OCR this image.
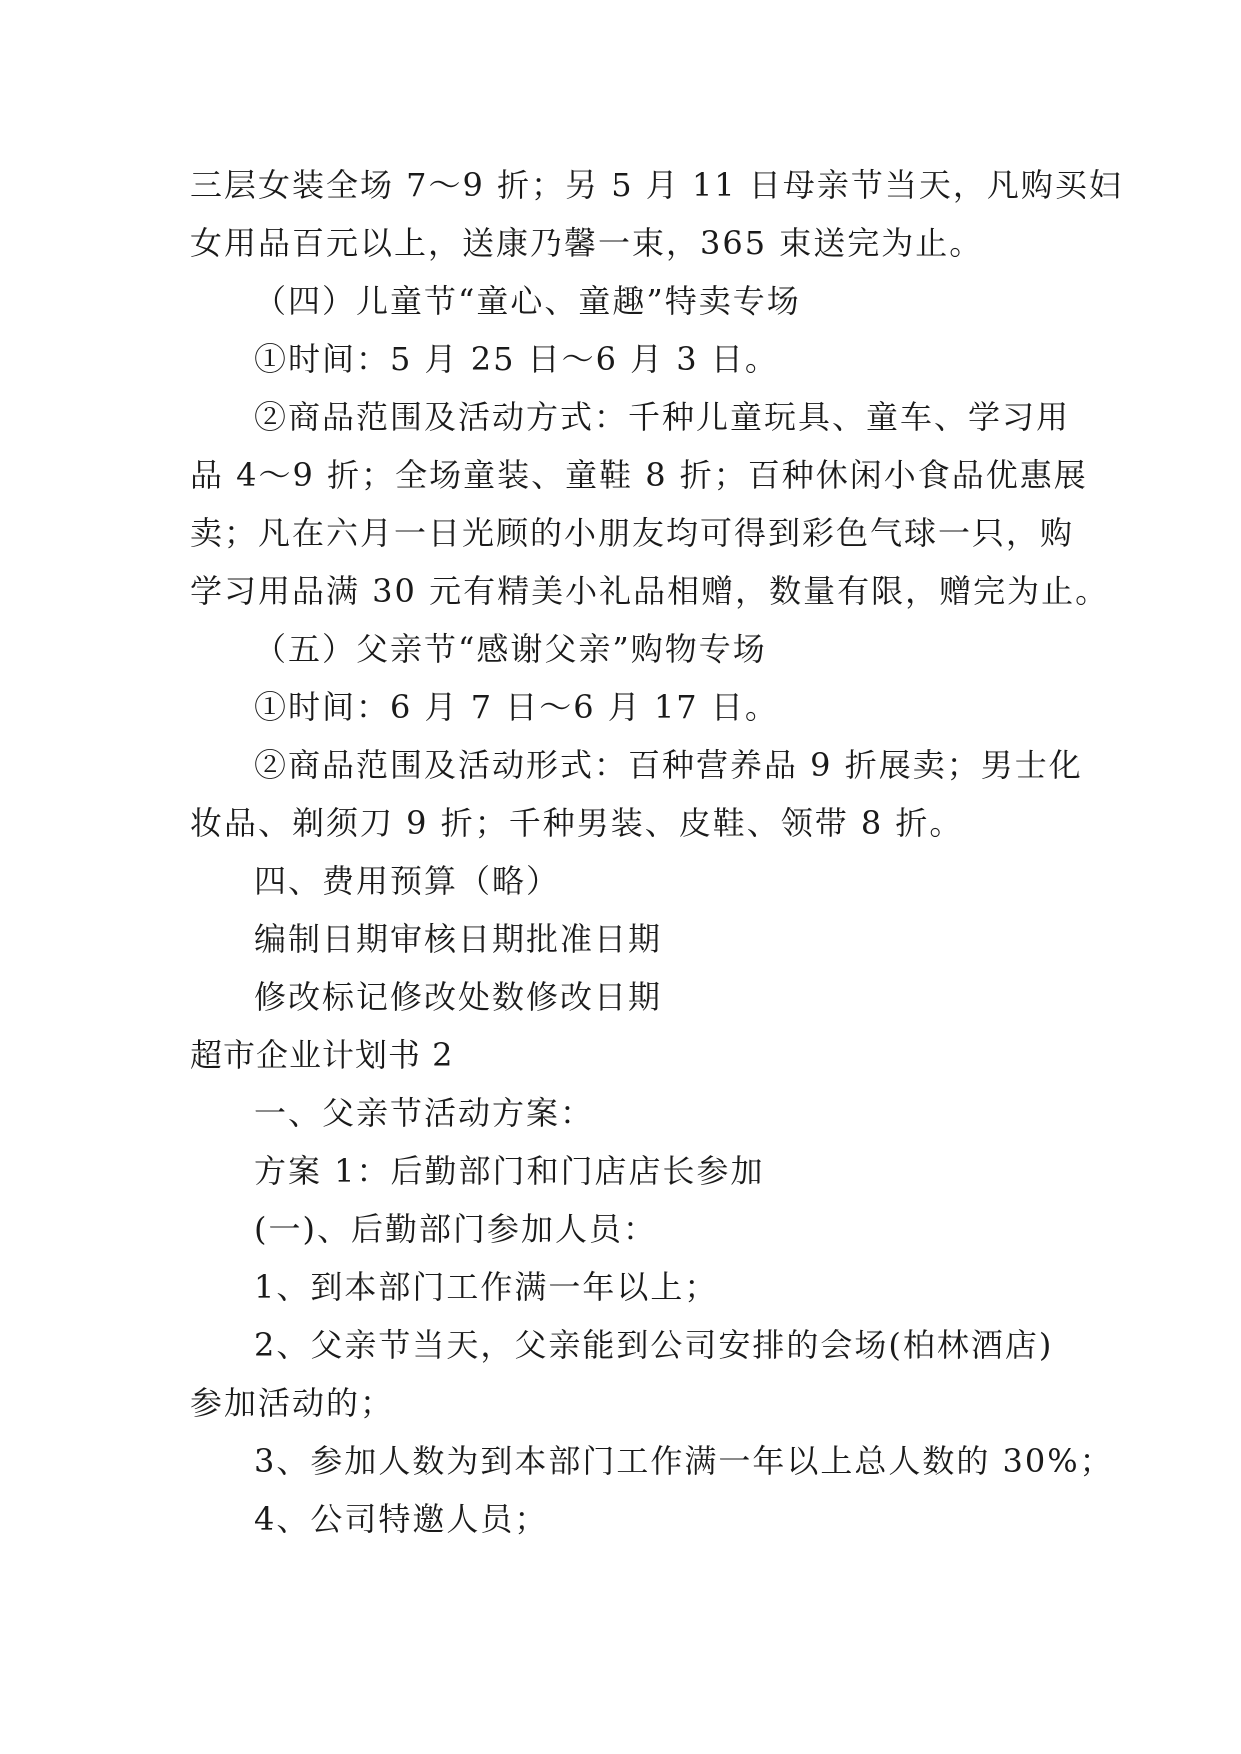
三层女装全场 7～9 折；另 5 月 11 日母亲节当天，凡购买妇
女用品百元以上，送康乃馨一束，365 束送完为止。
（四）儿童节“童心、童趣”特卖专场
①时间：5 月 25 日～6 月 3 日。
②商品范围及活动方式：千种儿童玩具、童车、学习用
品 4～9 折；全场童装、童鞋 8 折；百种休闲小食品优惠展
卖；凡在六月一日光顾的小朋友均可得到彩色气球一只，购
学习用品满 30 元有精美小礼品相赠，数量有限，赠完为止。
（五）父亲节“感谢父亲”购物专场
①时间：6 月 7 日～6 月 17 日。
②商品范围及活动形式：百种营养品 9 折展卖；男士化
妆品、剃须刀 9 折；千种男装、皮鞋、领带 8 折。
四、费用预算（略）
编制日期审核日期批准日期
修改标记修改处数修改日期
超市企业计划书 2
一、父亲节活动方案：
方案 1：后勤部门和门店店长参加
(一)、后勤部门参加人员：
1、到本部门工作满一年以上；
2、父亲节当天，父亲能到公司安排的会场(柏林酒店)
参加活动的；
3、参加人数为到本部门工作满一年以上总人数的 30%；
4、公司特邀人员；
